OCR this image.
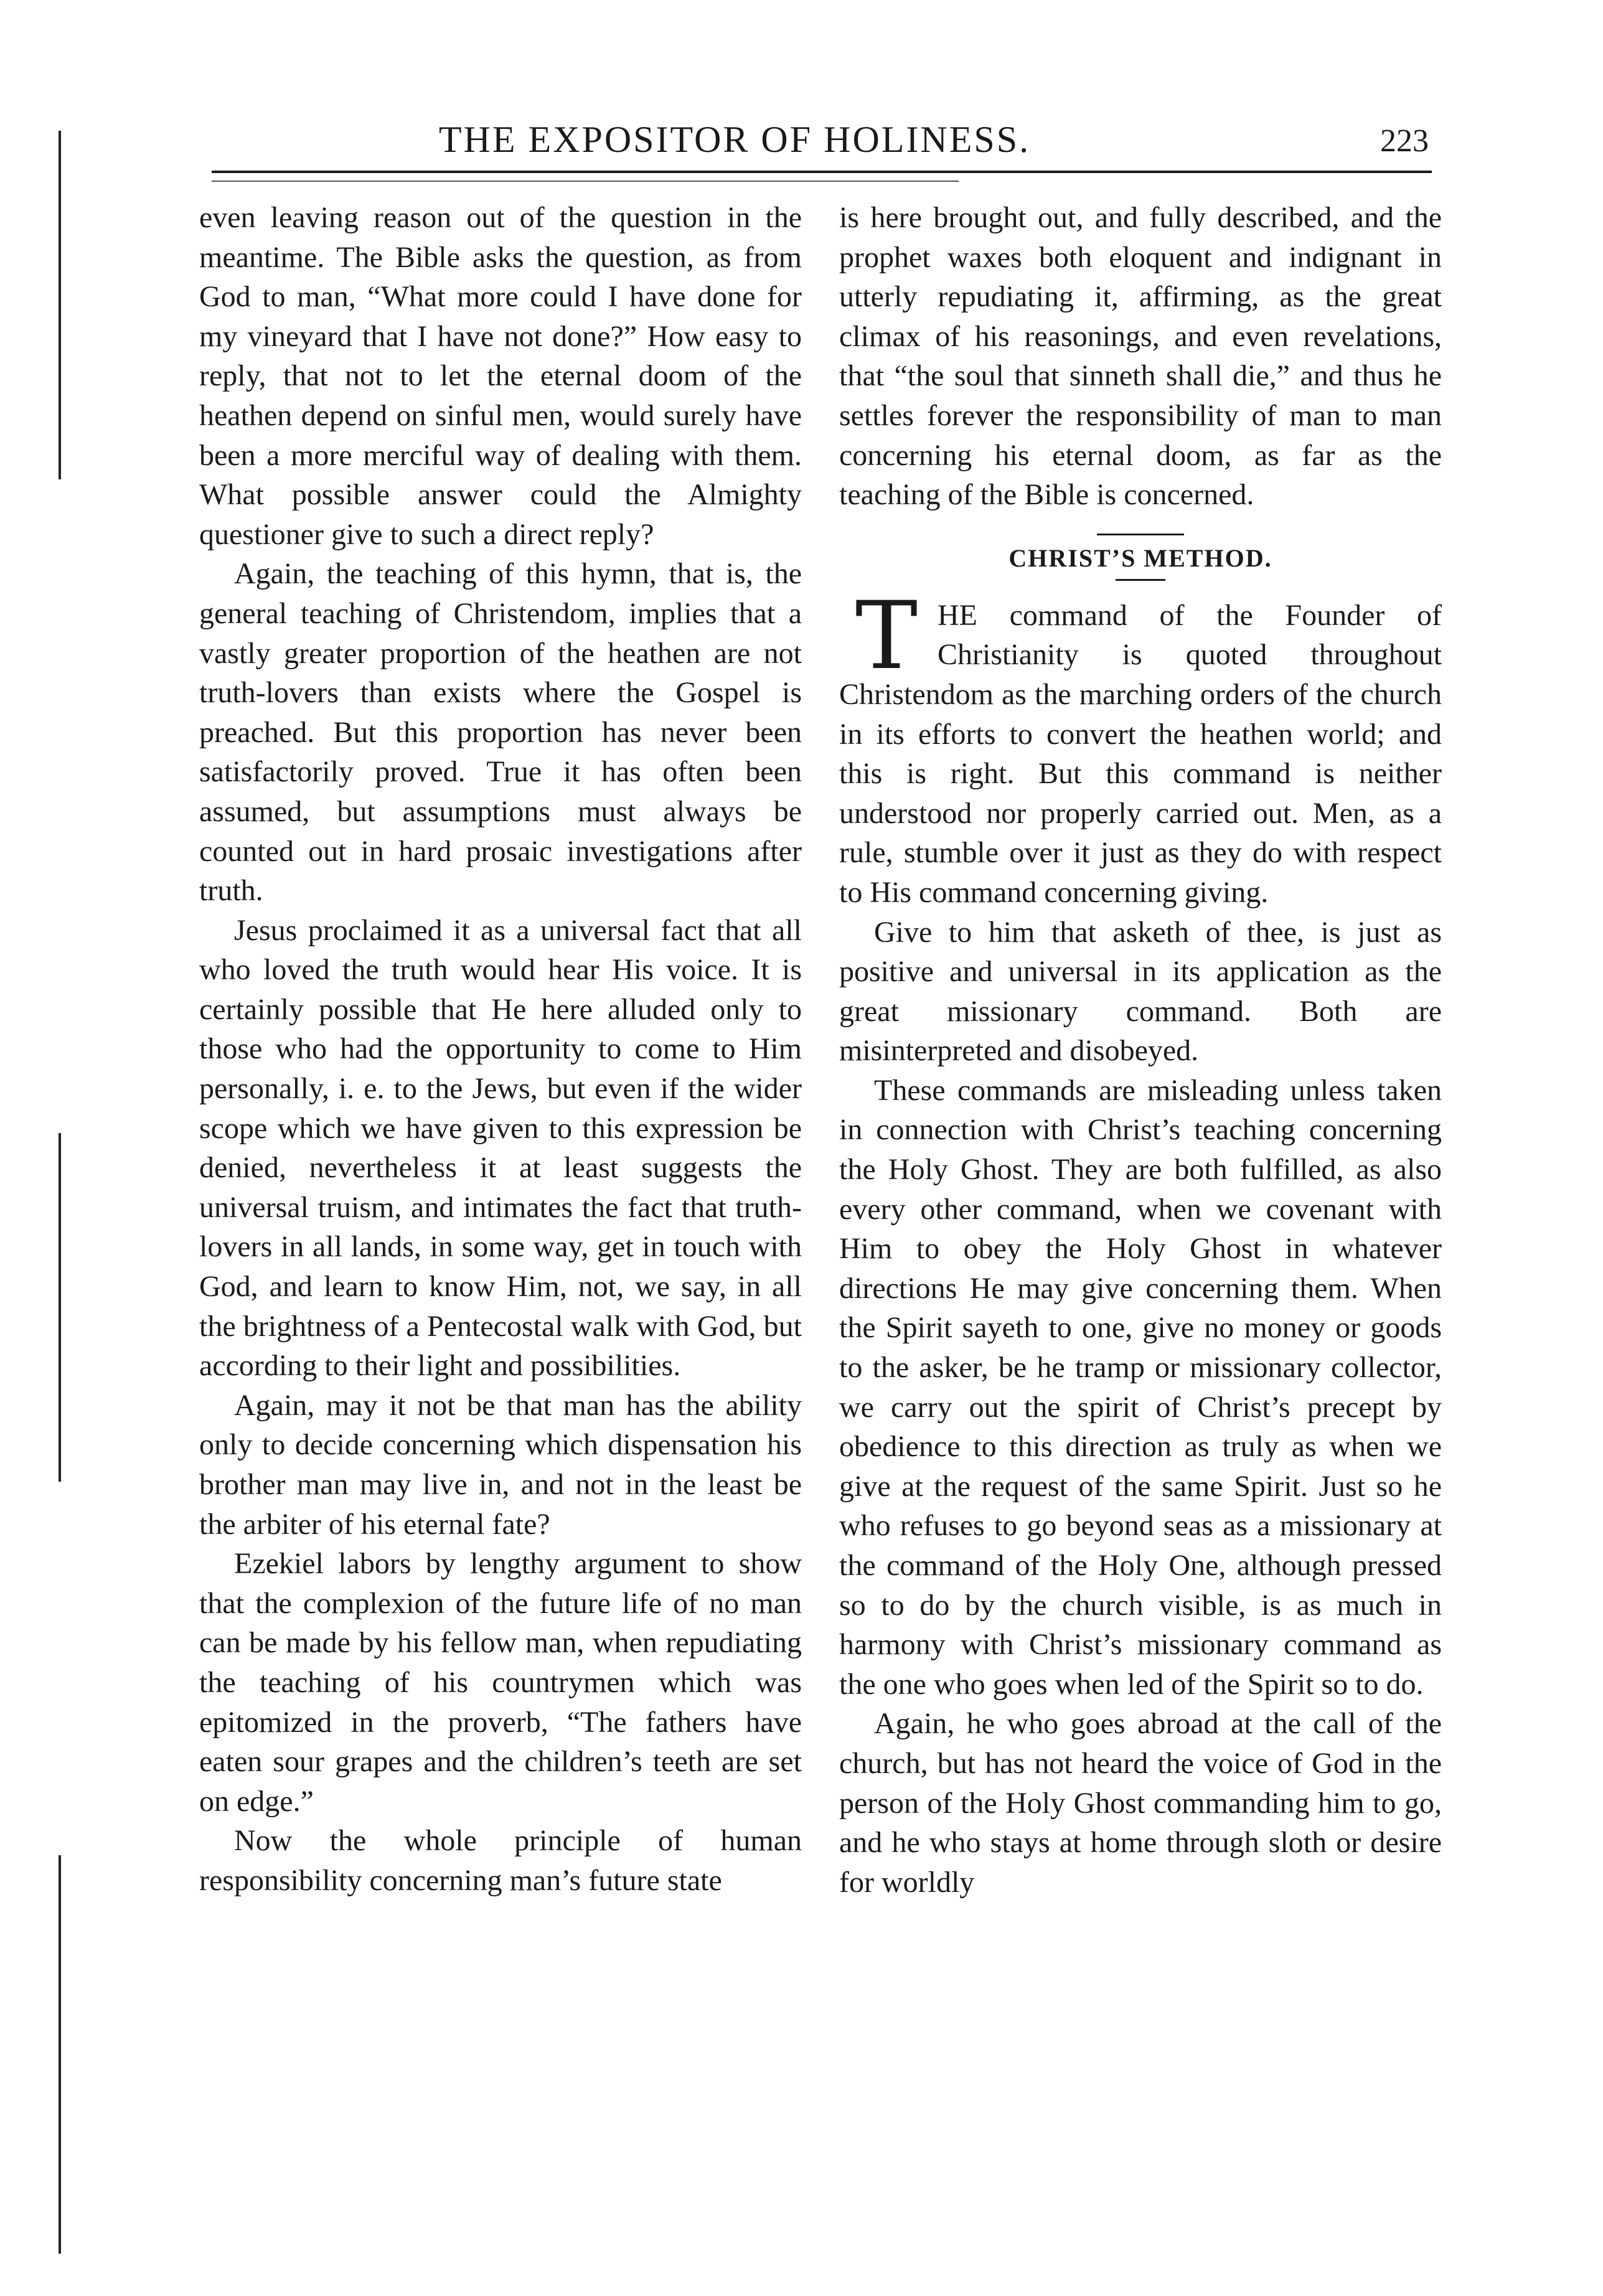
THE EXPOSITOR OF HOLINESS.	223

even leaving reason out of the question in the meantime. The Bible asks the question, as from God to man, “What more could I have done for my vineyard that I have not done?” How easy to reply, that not to let the eternal doom of the heathen depend on sinful men, would surely have been a more merciful way of dealing with them. What possible answer could the Almighty questioner give to such a direct reply?

Again, the teaching of this hymn, that is, the general teaching of Christendom, implies that a vastly greater proportion of the heathen are not truth-lovers than exists where the Gospel is preached. But this proportion has never been satisfactorily proved. True it has often been assumed, but assumptions must always be counted out in hard prosaic investigations after truth.

Jesus proclaimed it as a universal fact that all who loved the truth would hear His voice. It is certainly possible that He here alluded only to those who had the opportunity to come to Him personally, i. e. to the Jews, but even if the wider scope which we have given to this expression be denied, nevertheless it at least suggests the universal truism, and intimates the fact that truth-lovers in all lands, in some way, get in touch with God, and learn to know Him, not, we say, in all the brightness of a Pentecostal walk with God, but according to their light and possibilities.

Again, may it not be that man has the ability only to decide concerning which dispensation his brother man may live in, and not in the least be the arbiter of his eternal fate?

Ezekiel labors by lengthy argument to show that the complexion of the future life of no man can be made by his fellow man, when repudiating the teaching of his countrymen which was epitomized in the proverb, “The fathers have eaten sour grapes and the children’s teeth are set on edge.”

Now the whole principle of human responsibility concerning man’s future state

is here brought out, and fully described, and the prophet waxes both eloquent and indignant in utterly repudiating it, affirming, as the great climax of his reasonings, and even revelations, that “the soul that sinneth shall die,” and thus he settles forever the responsibility of man to man concerning his eternal doom, as far as the teaching of the Bible is concerned.

CHRIST’S METHOD.

T HE command of the Founder of Christianity is quoted throughout Christendom as the marching orders of the church in its efforts to convert the heathen world; and this is right. But this command is neither understood nor properly carried out. Men, as a rule, stumble over it just as they do with respect to His command concerning giving.

Give to him that asketh of thee, is just as positive and universal in its application as the great missionary command. Both are misinterpreted and disobeyed.

These commands are misleading unless taken in connection with Christ’s teaching concerning the Holy Ghost. They are both fulfilled, as also every other command, when we covenant with Him to obey the Holy Ghost in whatever directions He may give concerning them. When the Spirit sayeth to one, give no money or goods to the asker, be he tramp or missionary collector, we carry out the spirit of Christ’s precept by obedience to this direction as truly as when we give at the request of the same Spirit. Just so he who refuses to go beyond seas as a missionary at the command of the Holy One, although pressed so to do by the church visible, is as much in harmony with Christ’s missionary command as the one who goes when led of the Spirit so to do.

Again, he who goes abroad at the call of the church, but has not heard the voice of God in the person of the Holy Ghost commanding him to go, and he who stays at home through sloth or desire for worldly
